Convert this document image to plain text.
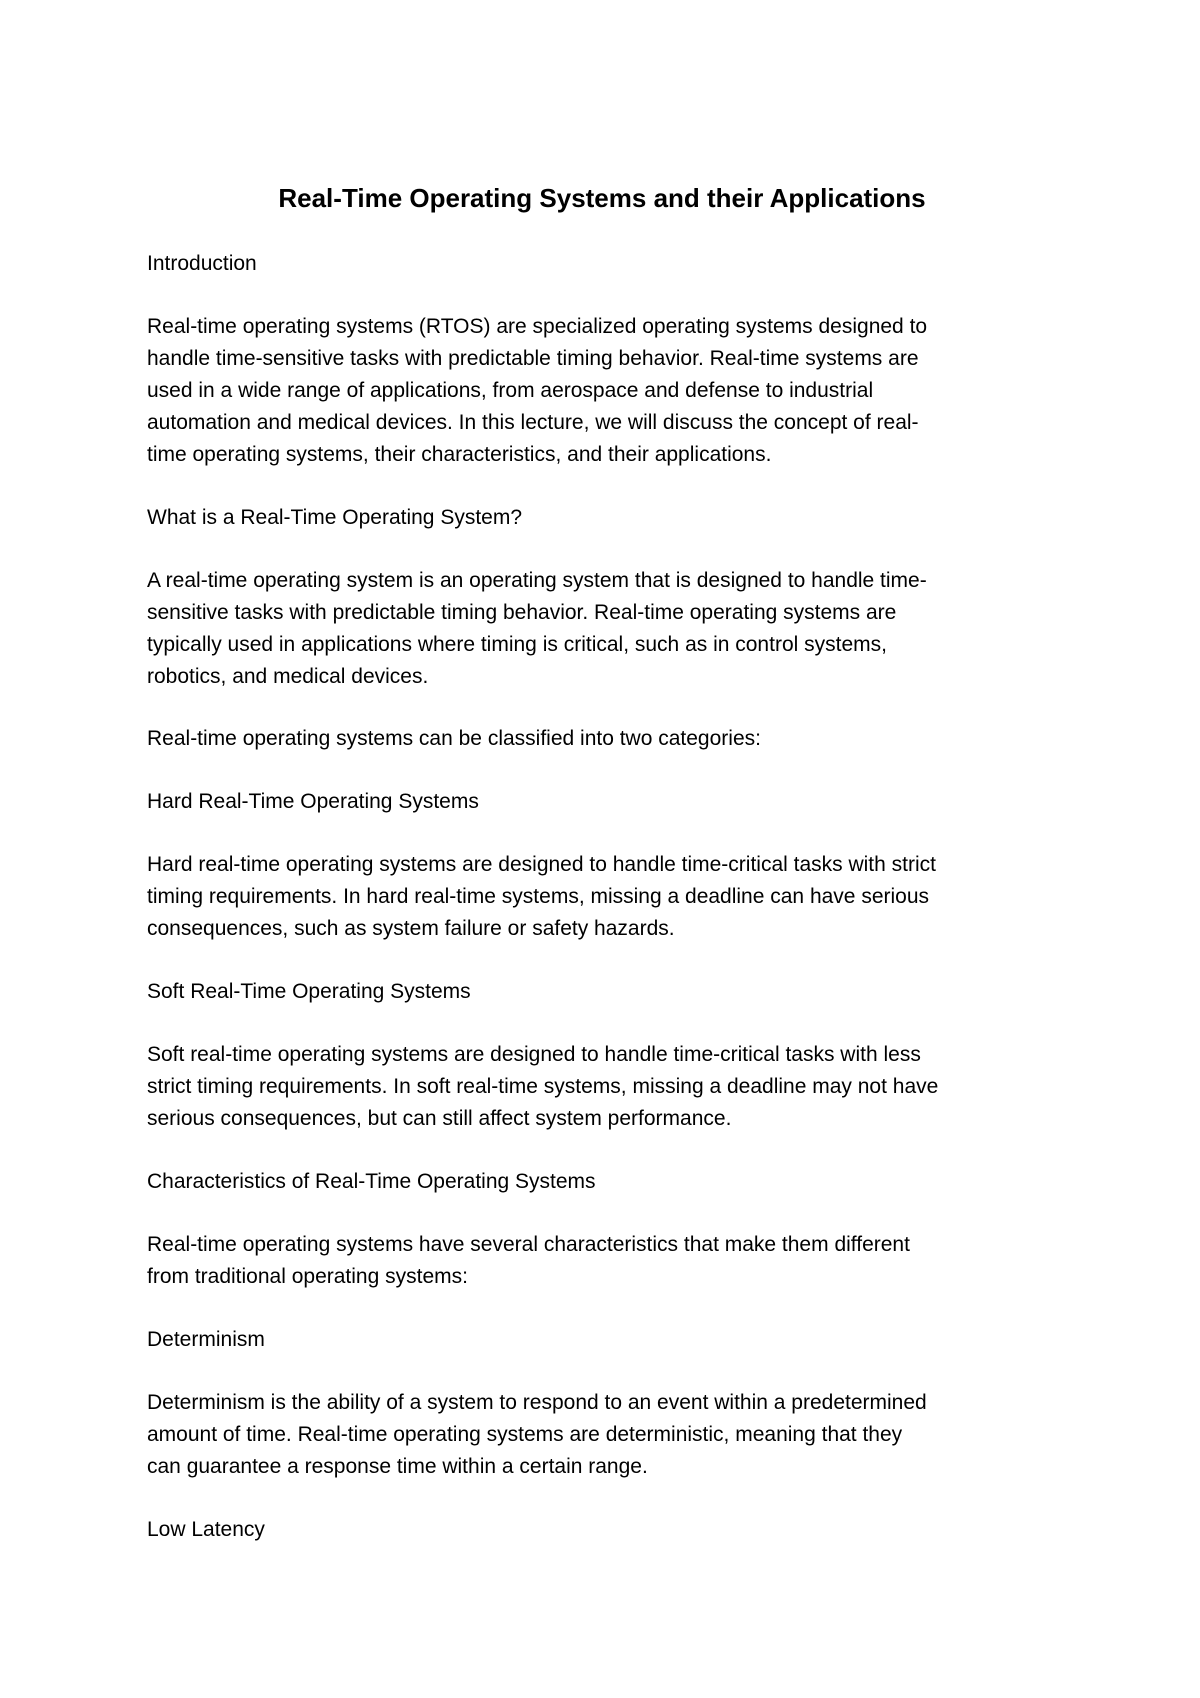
Real-Time Operating Systems and their Applications

Introduction

Real-time operating systems (RTOS) are specialized operating systems designed to
handle time-sensitive tasks with predictable timing behavior. Real-time systems are
used in a wide range of applications, from aerospace and defense to industrial
automation and medical devices. In this lecture, we will discuss the concept of real-
time operating systems, their characteristics, and their applications.

What is a Real-Time Operating System?

A real-time operating system is an operating system that is designed to handle time-
sensitive tasks with predictable timing behavior. Real-time operating systems are
typically used in applications where timing is critical, such as in control systems,
robotics, and medical devices.

Real-time operating systems can be classified into two categories:

Hard Real-Time Operating Systems

Hard real-time operating systems are designed to handle time-critical tasks with strict
timing requirements. In hard real-time systems, missing a deadline can have serious
consequences, such as system failure or safety hazards.

Soft Real-Time Operating Systems

Soft real-time operating systems are designed to handle time-critical tasks with less
strict timing requirements. In soft real-time systems, missing a deadline may not have
serious consequences, but can still affect system performance.

Characteristics of Real-Time Operating Systems

Real-time operating systems have several characteristics that make them different
from traditional operating systems:

Determinism

Determinism is the ability of a system to respond to an event within a predetermined
amount of time. Real-time operating systems are deterministic, meaning that they
can guarantee a response time within a certain range.

Low Latency
